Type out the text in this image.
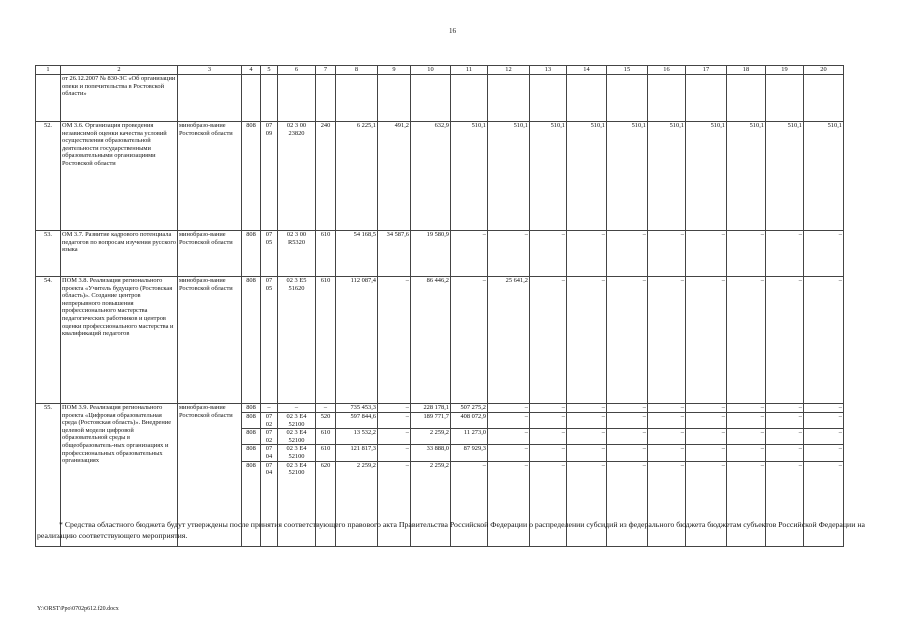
16
1	2	3	4	5	6	7	8	9	10	11	12	13	14	15	16	17	18	19	20
	от 26.12.2007 № 830-ЗС «Об организации опеки и попечительства в Ростовской области»																		
52.	ОМ 3.6. Организация проведения независимой оценки качества условий осуществления образовательной деятельности государственными образовательными организациями Ростовской области	минобразо-вание Ростовской области	808	07 09	02 3 00 23820	240	6 225,1	491,2	632,9	510,1	510,1	510,1	510,1	510,1	510,1	510,1	510,1	510,1	510,1
53.	ОМ 3.7. Развитие кадрового потенциала педагогов по вопросам изучения русского языка	минобразо-вание Ростовской области	808	07 05	02 3 00 R5320	610	54 168,5	34 587,6	19 580,9	–	–	–	–	–	–	–	–	–	–
54.	ПОМ 3.8. Реализация регионального проекта «Учитель будущего (Ростовская область)». Создание центров непрерывного повышения профессионального мастерства педагогических работников и центров оценки профессионального мастерства и квалификаций педагогов	минобразо-вание Ростовской области	808	07 05	02 3 E5 51620	610	112 087,4	–	86 446,2	–	25 641,2	–	–	–	–	–	–	–	–
55.	ПОМ 3.9. Реализация регионального проекта «Цифровая образовательная среда (Ростовская область)». Внедрение целевой модели цифровой образовательной среды в общеобразователь-ных организациях и профессиональных образовательных организациях	минобразо-вание Ростовской области	808	–	–	–	735 453,3	–	228 178,1	507 275,2	–	–	–	–	–	–	–	–	–
			808	07 02	02 3 E4 52100	520	597 844,6	–	189 771,7	408 072,9	–	–	–	–	–	–	–	–	–
			808	07 02	02 3 E4 52100	610	13 532,2	–	2 259,2	11 273,0	–	–	–	–	–	–	–	–	–
			808	07 04	02 3 E4 52100	610	121 817,3	–	33 888,0	87 929,3	–	–	–	–	–	–	–	–	–
			808	07 04	02 3 E4 52100	620	2 259,2	–	2 259,2	–	–	–	–	–	–	–	–	–	–
* Средства областного бюджета будут утверждены после принятия соответствующего правового акта Правительства Российской Федерации о распределении субсидий из федерального бюджета бюджетам субъектов Российской Федерации на реализацию соответствующего мероприятия.
Y:\ORST\Ppo\0702p612.f20.docx
